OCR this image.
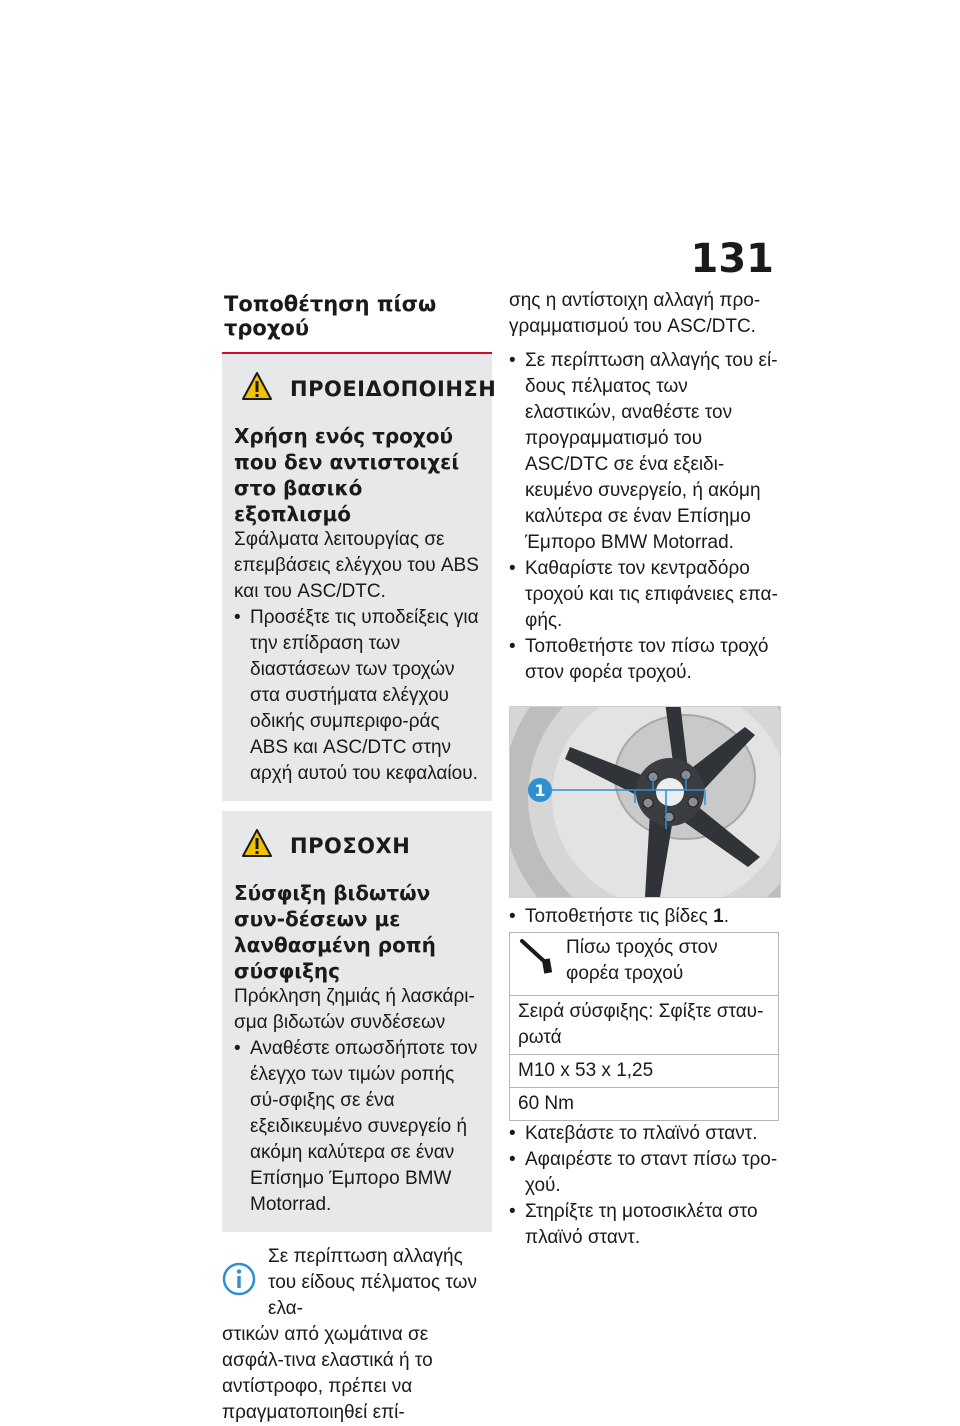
131
Τοποθέτηση πίσω τροχού
ΠΡΟΕΙΔΟΠΟΙΗΣΗ
Χρήση ενός τροχού που δεν αντιστοιχεί στο βασικό εξοπλισμό
Σφάλματα λειτουργίας σε επεμβάσεις ελέγχου του ABS και του ASC/DTC.
• Προσέξτε τις υποδείξεις για την επίδραση των διαστάσεων των τροχών στα συστήματα ελέγχου οδικής συμπεριφο-ράς ABS και ASC/DTC στην αρχή αυτού του κεφαλαίου.
ΠΡΟΣΟΧΗ
Σύσφιξη βιδωτών συν-δέσεων με λανθασμένη ροπή σύσφιξης
Πρόκληση ζημιάς ή λασκάρι-σμα βιδωτών συνδέσεων
• Αναθέστε οπωσδήποτε τον έλεγχο των τιμών ροπής σύ-σφιξης σε ένα εξειδικευμένο συνεργείο ή ακόμη καλύτερα σε έναν Επίσημο Έμπορο BMW Motorrad.
Σε περίπτωση αλλαγής του είδους πέλματος των ελα-
στικών από χωμάτινα σε ασφάλ-τινα ελαστικά ή το αντίστροφο, πρέπει να πραγματοποιηθεί επί-
σης η αντίστοιχη αλλαγή προ-γραμματισμού του ASC/DTC.
• Σε περίπτωση αλλαγής του εί-δους πέλματος των ελαστικών, αναθέστε τον προγραμματισμό του ASC/DTC σε ένα εξειδι-κευμένο συνεργείο, ή ακόμη καλύτερα σε έναν Επίσημο Έμπορο BMW Motorrad.
• Καθαρίστε τον κεντραδόρο τροχού και τις επιφάνειες επα-φής.
• Τοποθετήστε τον πίσω τροχό στον φορέα τροχού.
1
• Τοποθετήστε τις βίδες 1.
Πίσω τροχός στον φορέα τροχού

Σειρά σύσφιξης: Σφίξτε σταυ-ρωτά
M10 x 53 x 1,25
60 Nm
• Κατεβάστε το πλαϊνό σταντ.
• Αφαιρέστε το σταντ πίσω τρο-χού.
• Στηρίξτε τη μοτοσικλέτα στο πλαϊνό σταντ.
